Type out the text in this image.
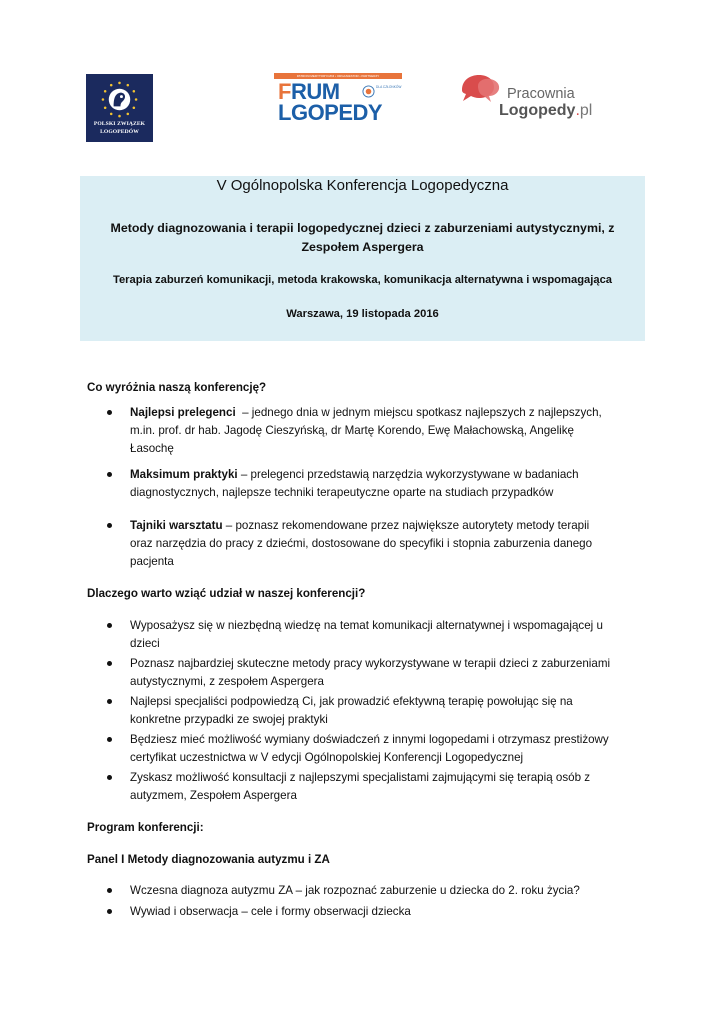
POLSKI ZWIĄZEK
LOGOPEDÓW
PATRONI MERYTORYCZNI • ORGANIZATOR • PARTNERZY
FRUM
LGOPEDY
DLA CZŁONKÓW	Pracownia
Logopedy.pl
V Ogólnopolska Konferencja Logopedyczna
Metody diagnozowania i terapii logopedycznej dzieci z zaburzeniami autystycznymi, z
Zespołem Aspergera
Terapia zaburzeń komunikacji, metoda krakowska, komunikacja alternatywna i wspomagająca
Warszawa, 19 listopada 2016
Co wyróżnia naszą konferencję?
Najlepsi prelegenci – jednego dnia w jednym miejscu spotkasz najlepszych z najlepszych,
m.in. prof. dr hab. Jagodę Cieszyńską, dr Martę Korendo, Ewę Małachowską, Angelikę
Łasochę
Maksimum praktyki – prelegenci przedstawią narzędzia wykorzystywane w badaniach
diagnostycznych, najlepsze techniki terapeutyczne oparte na studiach przypadków
Tajniki warsztatu – poznasz rekomendowane przez największe autorytety metody terapii
oraz narzędzia do pracy z dziećmi, dostosowane do specyfiki i stopnia zaburzenia danego
pacjenta
Dlaczego warto wziąć udział w naszej konferencji?
Wyposażysz się w niezbędną wiedzę na temat komunikacji alternatywnej i wspomagającej u
dzieci
Poznasz najbardziej skuteczne metody pracy wykorzystywane w terapii dzieci z zaburzeniami
autystycznymi, z zespołem Aspergera
Najlepsi specjaliści podpowiedzą Ci, jak prowadzić efektywną terapię powołując się na
konkretne przypadki ze swojej praktyki
Będziesz mieć możliwość wymiany doświadczeń z innymi logopedami i otrzymasz prestiżowy
certyfikat uczestnictwa w V edycji Ogólnopolskiej Konferencji Logopedycznej
Zyskasz możliwość konsultacji z najlepszymi specjalistami zajmującymi się terapią osób z
autyzmem, Zespołem Aspergera
Program konferencji:
Panel I Metody diagnozowania autyzmu i ZA
Wczesna diagnoza autyzmu ZA – jak rozpoznać zaburzenie u dziecka do 2. roku życia?
Wywiad i obserwacja – cele i formy obserwacji dziecka
